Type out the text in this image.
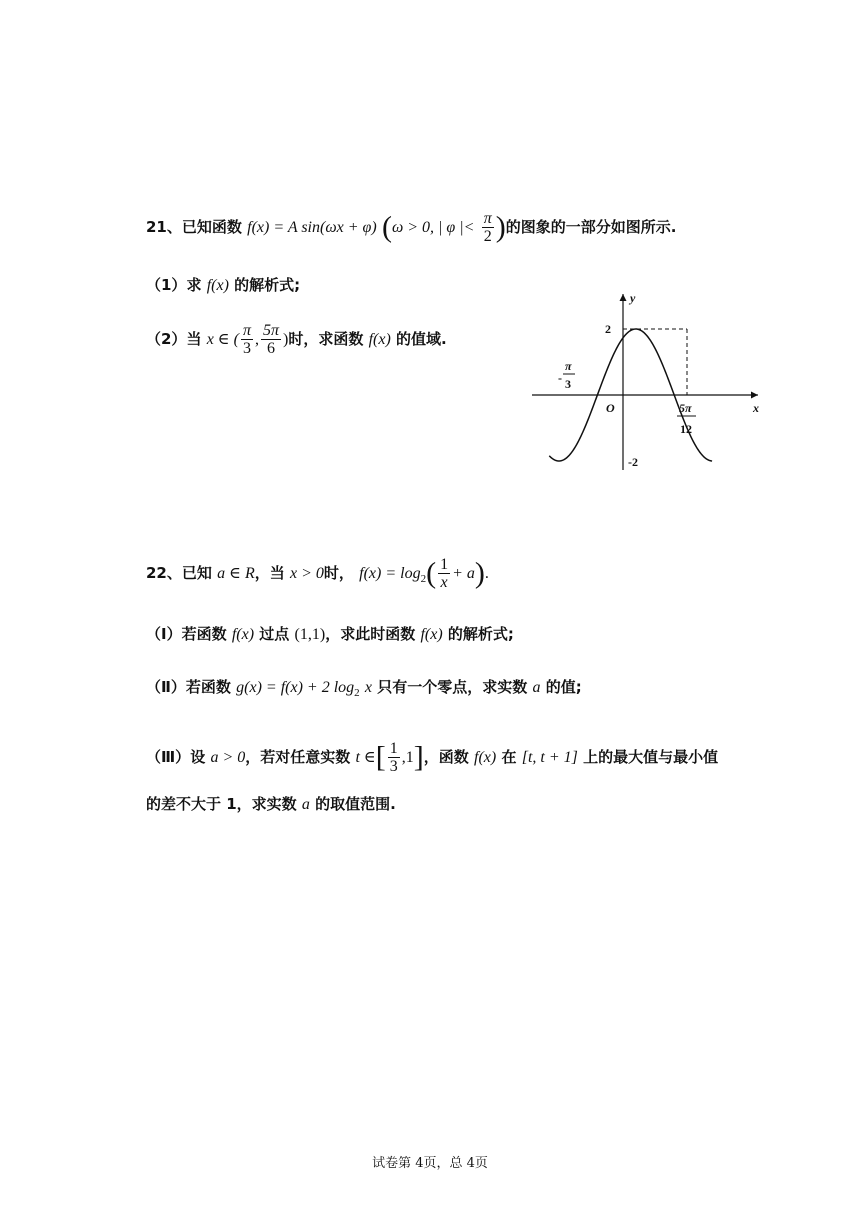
21、已知函数 f(x) = A sin(ωx + φ) (ω > 0, | φ |< $\frac{\pi}{2}$ )的图象的一部分如图所示.
（1）求 f(x) 的解析式;
（2）当 x ∈ ( $\frac{\pi}{3}$ , $\frac{5\pi}{6}$ )时，求函数 f(x) 的值域.
y
x
O
2
-2
-
π
3
5π
12
22、已知 a ∈ R，当 x > 0时， $f(x) = \log_2( \frac{1}{x} + a)$.
（Ⅰ）若函数 f(x) 过点 (1,1)，求此时函数 f(x) 的解析式;
（Ⅱ）若函数 g(x) = f(x) + 2 $\log_2 x$ 只有一个零点，求实数 a 的值;
（Ⅲ）设 a > 0，若对任意实数 t ∈[ $\frac{1}{3} ,1$]，函数 f(x) 在 [t, t + 1] 上的最大值与最小值
的差不大于 1，求实数 a 的取值范围.
试卷第 4页，总 4页
